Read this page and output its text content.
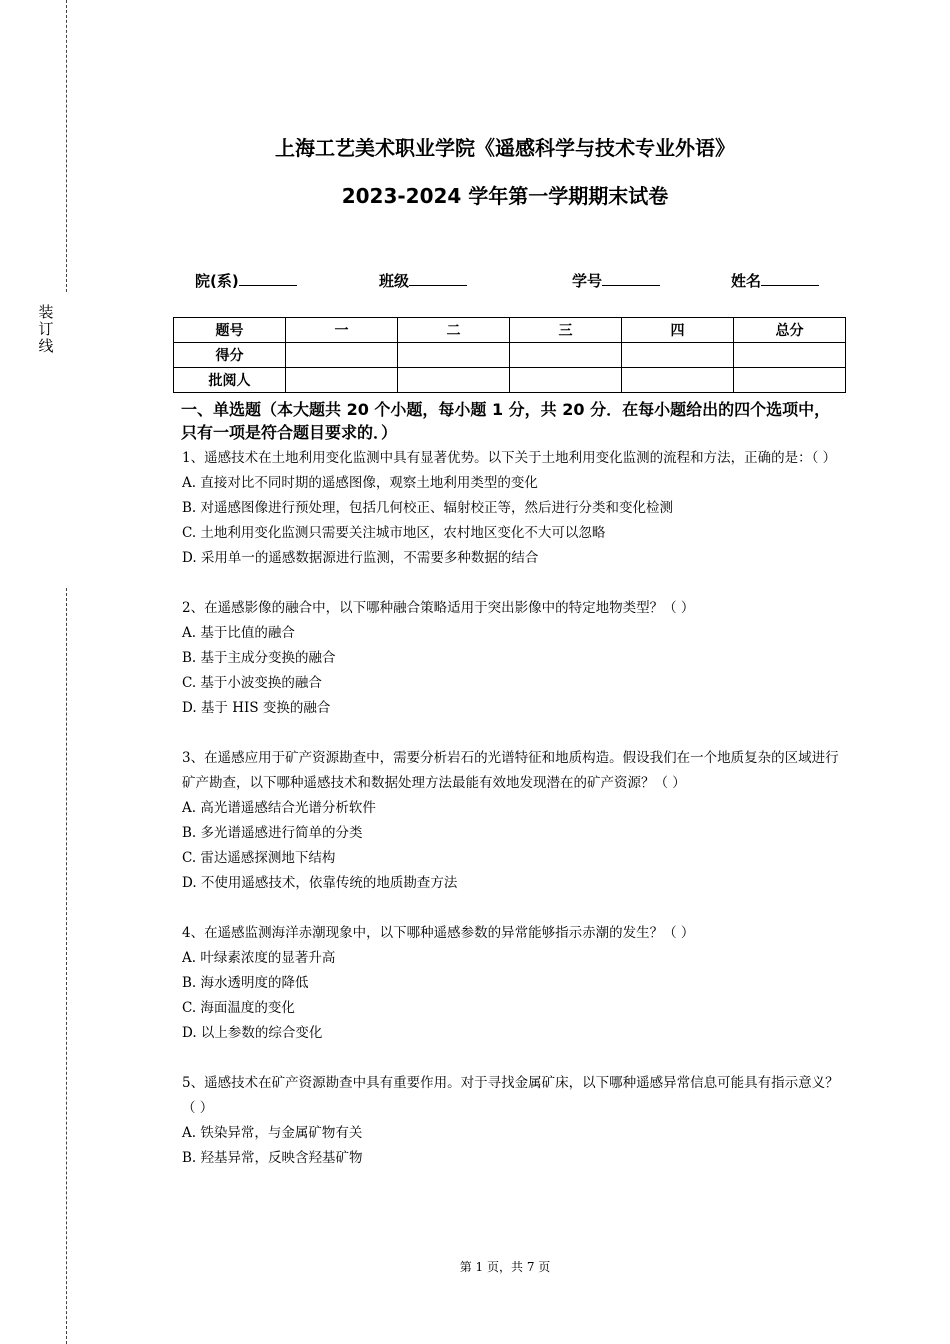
装订线
上海工艺美术职业学院《遥感科学与技术专业外语》
2023-2024 学年第一学期期末试卷
院(系)	班级	学号	姓名
题号	一	二	三	四	总分
得分					
批阅人					
一、单选题（本大题共 20 个小题，每小题 1 分，共 20 分．在每小题给出的四个选项中，只有一项是符合题目要求的．）

1、遥感技术在土地利用变化监测中具有显著优势。以下关于土地利用变化监测的流程和方法，正确的是：（ ）

A. 直接对比不同时期的遥感图像，观察土地利用类型的变化

B. 对遥感图像进行预处理，包括几何校正、辐射校正等，然后进行分类和变化检测

C. 土地利用变化监测只需要关注城市地区，农村地区变化不大可以忽略

D. 采用单一的遥感数据源进行监测，不需要多种数据的结合

2、在遥感影像的融合中，以下哪种融合策略适用于突出影像中的特定地物类型？（ ）

A. 基于比值的融合

B. 基于主成分变换的融合

C. 基于小波变换的融合

D. 基于 HIS 变换的融合

3、在遥感应用于矿产资源勘查中，需要分析岩石的光谱特征和地质构造。假设我们在一个地质复杂的区域进行矿产勘查，以下哪种遥感技术和数据处理方法最能有效地发现潜在的矿产资源？（ ）

A. 高光谱遥感结合光谱分析软件

B. 多光谱遥感进行简单的分类

C. 雷达遥感探测地下结构

D. 不使用遥感技术，依靠传统的地质勘查方法

4、在遥感监测海洋赤潮现象中，以下哪种遥感参数的异常能够指示赤潮的发生？（ ）

A. 叶绿素浓度的显著升高

B. 海水透明度的降低

C. 海面温度的变化

D. 以上参数的综合变化

5、遥感技术在矿产资源勘查中具有重要作用。对于寻找金属矿床，以下哪种遥感异常信息可能具有指示意义？（ ）

A. 铁染异常，与金属矿物有关

B. 羟基异常，反映含羟基矿物

第 1 页，共 7 页
